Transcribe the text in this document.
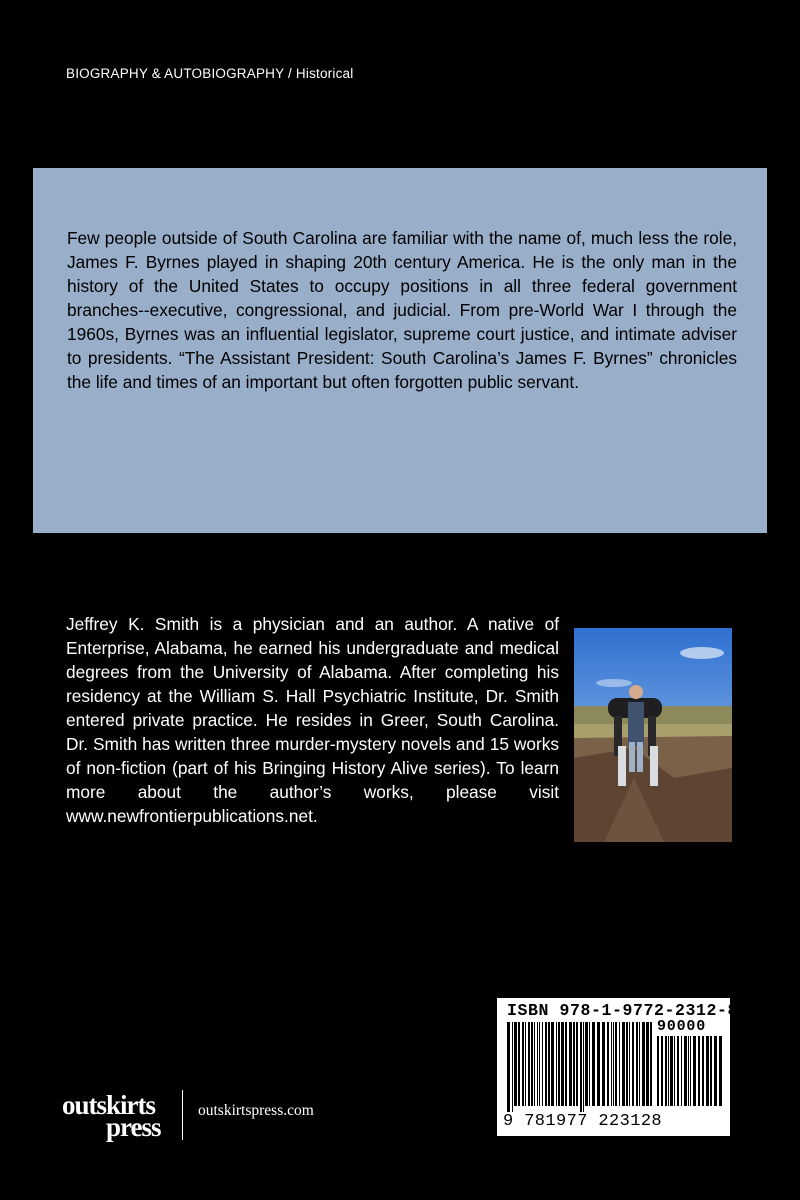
BIOGRAPHY & AUTOBIOGRAPHY / Historical

Few people outside of South Carolina are familiar with the name of, much less the role, James F. Byrnes played in shaping 20th century America. He is the only man in the history of the United States to occupy positions in all three federal government branches--executive, congressional, and judicial. From pre-World War I through the 1960s, Byrnes was an influential legislator, supreme court justice, and intimate adviser to presidents. “The Assistant President: South Carolina’s James F. Byrnes” chronicles the life and times of an important but often forgotten public servant.

Jeffrey K. Smith is a physician and an author. A native of Enterprise, Alabama, he earned his undergraduate and medical degrees from the University of Alabama. After completing his residency at the William S. Hall Psychiatric Institute, Dr. Smith entered private practice. He resides in Greer, South Carolina. Dr. Smith has written three murder-mystery novels and 15 works of non-fiction (part of his Bringing History Alive series). To learn more about the author’s works, please visit www.newfrontierpublications.net.

ISBN 978-1-9772-2312-8
90000
9 781977 223128
outskirts
press
outskirtspress.com
